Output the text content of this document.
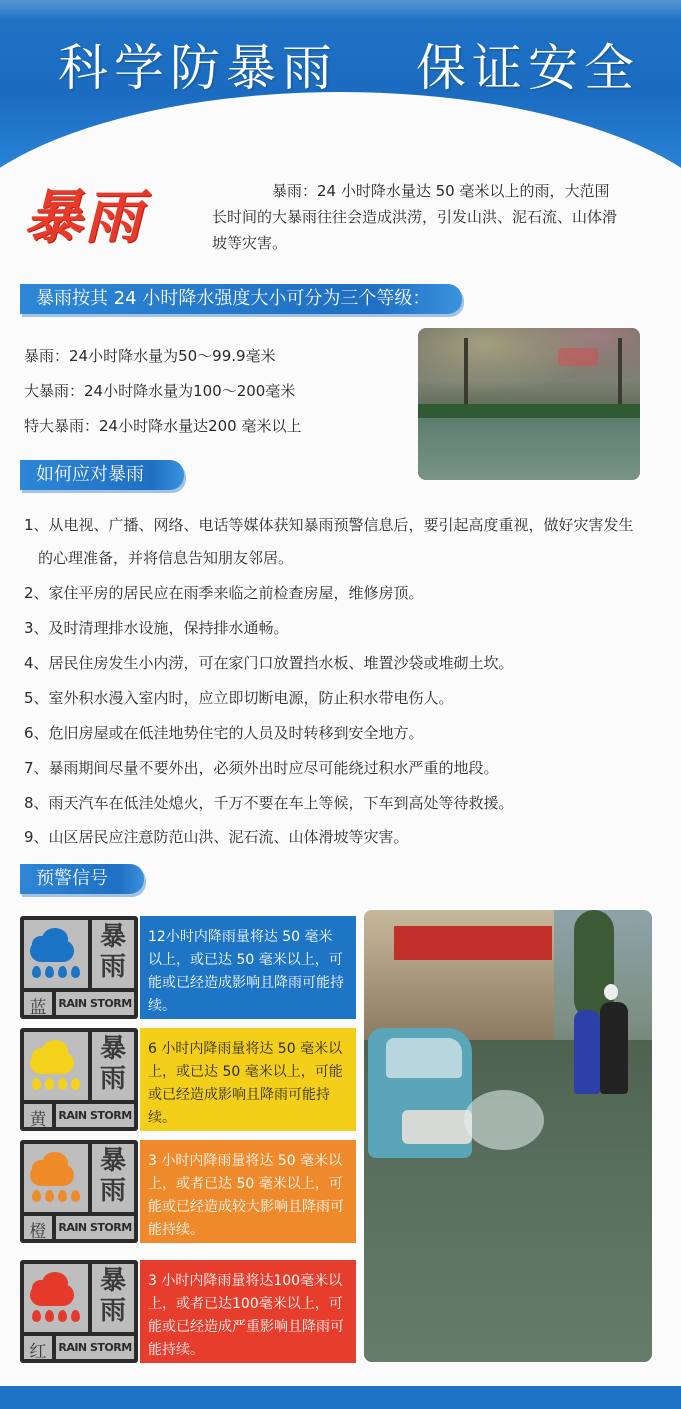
科学防暴雨 保证安全
暴雨	暴雨：24 小时降水量达 50 毫米以上的雨，大范围长时间的大暴雨往往会造成洪涝，引发山洪、泥石流、山体滑坡等灾害。
暴雨按其 24 小时降水强度大小可分为三个等级：
暴雨：24小时降水量为50～99.9毫米
大暴雨：24小时降水量为100～200毫米
特大暴雨：24小时降水量达200 毫米以上
如何应对暴雨
1、从电视、广播、网络、电话等媒体获知暴雨预警信息后，要引起高度重视，做好灾害发生
的心理准备，并将信息告知朋友邻居。
2、家住平房的居民应在雨季来临之前检查房屋，维修房顶。
3、及时清理排水设施，保持排水通畅。
4、居民住房发生小内涝，可在家门口放置挡水板、堆置沙袋或堆砌土坎。
5、室外积水漫入室内时，应立即切断电源，防止积水带电伤人。
6、危旧房屋或在低洼地势住宅的人员及时转移到安全地方。
7、暴雨期间尽量不要外出，必须外出时应尽可能绕过积水严重的地段。
8、雨天汽车在低洼处熄火，千万不要在车上等候，下车到高处等待救援。
9、山区居民应注意防范山洪、泥石流、山体滑坡等灾害。
预警信号
暴雨
蓝	RAIN STORM
12小时内降雨量将达 50 毫米以上，或已达 50 毫米以上，可能或已经造成影响且降雨可能持续。
暴雨
黄	RAIN STORM
6 小时内降雨量将达 50 毫米以上，或已达 50 毫米以上，可能或已经造成影响且降雨可能持续。
暴雨
橙	RAIN STORM
3 小时内降雨量将达 50 毫米以上，或者已达 50 毫米以上，可能或已经造成较大影响且降雨可能持续。
暴雨
红	RAIN STORM
3 小时内降雨量将达100毫米以上，或者已达100毫米以上，可能或已经造成严重影响且降雨可能持续。
